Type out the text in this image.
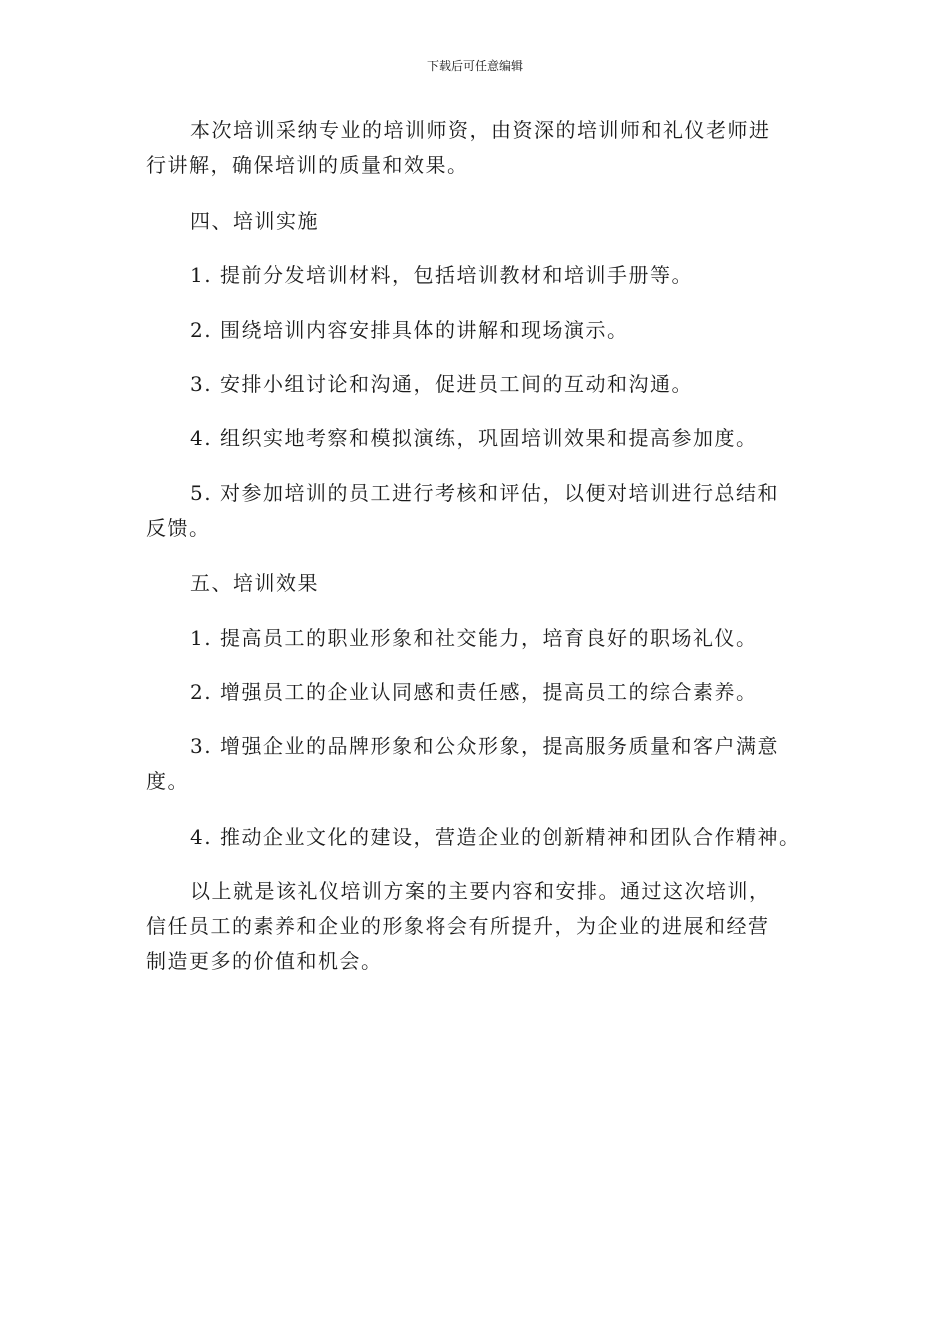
下载后可任意编辑
本次培训采纳专业的培训师资，由资深的培训师和礼仪老师进
行讲解，确保培训的质量和效果。
四、培训实施
1. 提前分发培训材料，包括培训教材和培训手册等。
2. 围绕培训内容安排具体的讲解和现场演示。
3. 安排小组讨论和沟通，促进员工间的互动和沟通。
4. 组织实地考察和模拟演练，巩固培训效果和提高参加度。
5. 对参加培训的员工进行考核和评估，以便对培训进行总结和
反馈。
五、培训效果
1. 提高员工的职业形象和社交能力，培育良好的职场礼仪。
2. 增强员工的企业认同感和责任感，提高员工的综合素养。
3. 增强企业的品牌形象和公众形象，提高服务质量和客户满意
度。
4. 推动企业文化的建设，营造企业的创新精神和团队合作精神。
以上就是该礼仪培训方案的主要内容和安排。通过这次培训，
信任员工的素养和企业的形象将会有所提升，为企业的进展和经营
制造更多的价值和机会。
